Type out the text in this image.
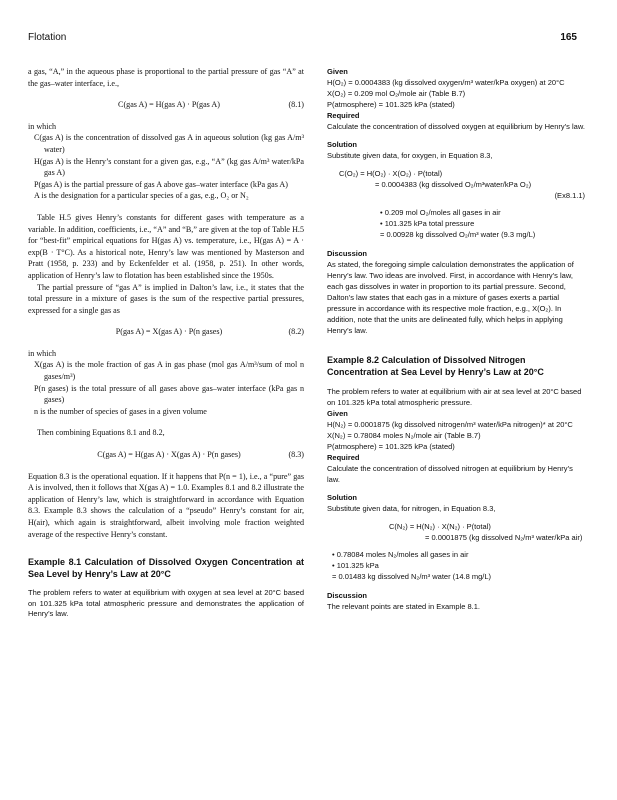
Flotation	165

a gas, “A,” in the aqueous phase is proportional to the partial pressure of gas “A” at the gas–water interface, i.e.,

C(gas A) = H(gas A) · P(gas A)	(8.1)

in which

C(gas A) is the concentration of dissolved gas A in aqueous solution (kg gas A/m³ water)
H(gas A) is the Henry’s constant for a given gas, e.g., “A” (kg gas A/m³ water/kPa gas A)
P(gas A) is the partial pressure of gas A above gas–water interface (kPa gas A)
A is the designation for a particular species of a gas, e.g., O₂ or N₂

Table H.5 gives Henry’s constants for different gases with temperature as a variable. In addition, coefficients, i.e., “A” and “B,” are given at the top of Table H.5 for “best-fit” empirical equations for H(gas A) vs. temperature, i.e., H(gas A) = A · exp(B · T°C). As a historical note, Henry’s law was mentioned by Masterson and Pratt (1958, p. 233) and by Eckenfelder et al. (1958, p. 251). In other words, application of Henry’s law to flotation has been established since the 1950s.

The partial pressure of “gas A” is implied in Dalton’s law, i.e., it states that the total pressure in a mixture of gases is the sum of the respective partial pressures, expressed for a single gas as

P(gas A) = X(gas A) · P(n gases)	(8.2)

in which

X(gas A) is the mole fraction of gas A in gas phase (mol gas A/m³/sum of mol n gases/m³)
P(n gases) is the total pressure of all gases above gas–water interface (kPa gas n gases)
n is the number of species of gases in a given volume

Then combining Equations 8.1 and 8.2,

C(gas A) = H(gas A) · X(gas A) · P(n gases)	(8.3)

Equation 8.3 is the operational equation. If it happens that P(n = 1), i.e., a “pure” gas A is involved, then it follows that X(gas A) = 1.0. Examples 8.1 and 8.2 illustrate the application of Henry’s law, which is straightforward in accordance with Equation 8.3. Example 8.3 shows the calculation of a “pseudo” Henry’s constant for air, H(air), which again is straightforward, albeit involving mole fraction weighted average of the respective Henry’s constant.

Example 8.1 Calculation of Dissolved Oxygen Concentration at Sea Level by Henry’s Law at 20°C

The problem refers to water at equilibrium with oxygen at sea level at 20°C based on 101.325 kPa total atmospheric pressure and demonstrates the application of Henry’s law.

Given

H(O₂) = 0.0004383 (kg dissolved oxygen/m³ water/kPa oxygen) at 20°C

X(O₂) = 0.209 mol O₂/mole air (Table B.7)

P(atmosphere) = 101.325 kPa (stated)

Required

Calculate the concentration of dissolved oxygen at equilibrium by Henry’s law.

Solution

Substitute given data, for oxygen, in Equation 8.3,

C(O₂) = H(O₂) · X(O₂) · P(total)

= 0.0004383 (kg dissolved O₂/m³water/kPa O₂)

(Ex8.1.1)

• 0.209 mol O₂/moles all gases in air

• 101.325 kPa total pressure

= 0.00928 kg dissolved O₂/m³ water (9.3 mg/L)

Discussion

As stated, the foregoing simple calculation demonstrates the application of Henry’s law. Two ideas are involved. First, in accordance with Henry’s law, each gas dissolves in water in proportion to its partial pressure. Second, Dalton’s law states that each gas in a mixture of gases exerts a partial pressure in accordance with its respective mole fraction, e.g., X(O₂). In addition, note that the units are delineated fully, which helps in applying Henry’s law.

Example 8.2 Calculation of Dissolved Nitrogen Concentration at Sea Level by Henry’s Law at 20°C

The problem refers to water at equilibrium with air at sea level at 20°C based on 101.325 kPa total atmospheric pressure.

Given

H(N₂) = 0.0001875 (kg dissolved nitrogen/m³ water/kPa nitrogen)* at 20°C

X(N₂) = 0.78084 moles N₂/mole air (Table B.7)

P(atmosphere) = 101.325 kPa (stated)

Required

Calculate the concentration of dissolved nitrogen at equilibrium by Henry’s law.

Solution

Substitute given data, for nitrogen, in Equation 8.3,

C(N₂) = H(N₂) · X(N₂) · P(total)

= 0.0001875 (kg dissolved N₂/m³ water/kPa air)

• 0.78084 moles N₂/moles all gases in air

• 101.325 kPa

= 0.01483 kg dissolved N₂/m³ water (14.8 mg/L)

Discussion

The relevant points are stated in Example 8.1.
